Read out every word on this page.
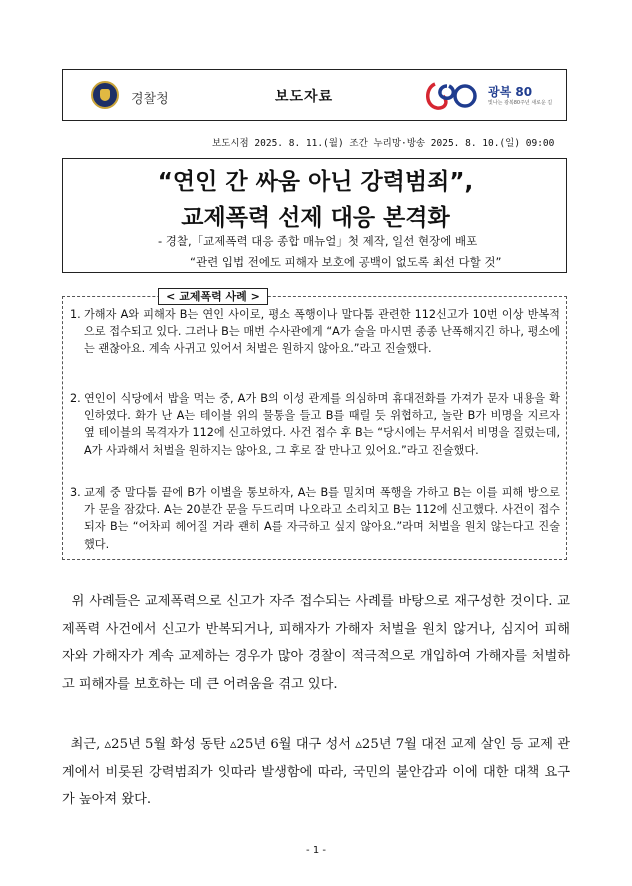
경찰청	보도자료	광복 80
빛나는 광복80주년 새로운 길
보도시점 2025. 8. 11.(월) 조간 누리망·방송 2025. 8. 10.(일) 09:00
“연인 간 싸움 아닌 강력범죄”,
교제폭력 선제 대응 본격화
- 경찰,「교제폭력 대응 종합 매뉴얼」첫 제작, 일선 현장에 배포
“관련 입법 전에도 피해자 보호에 공백이 없도록 최선 다할 것”
< 교제폭력 사례 >
1. 가해자 A와 피해자 B는 연인 사이로, 평소 폭행이나 말다툼 관련한 112신고가 10번 이상 반복적으로 접수되고 있다. 그러나 B는 매번 수사관에게 “A가 술을 마시면 종종 난폭해지긴 하나, 평소에는 괜찮아요. 계속 사귀고 있어서 처벌은 원하지 않아요.”라고 진술했다.
2. 연인이 식당에서 밥을 먹는 중, A가 B의 이성 관계를 의심하며 휴대전화를 가져가 문자 내용을 확인하였다. 화가 난 A는 테이블 위의 물통을 들고 B를 때릴 듯 위협하고, 놀란 B가 비명을 지르자 옆 테이블의 목격자가 112에 신고하였다. 사건 접수 후 B는 “당시에는 무서워서 비명을 질렀는데, A가 사과해서 처벌을 원하지는 않아요, 그 후로 잘 만나고 있어요.”라고 진술했다.
3. 교제 중 말다툼 끝에 B가 이별을 통보하자, A는 B를 밀치며 폭행을 가하고 B는 이를 피해 방으로 가 문을 잠갔다. A는 20분간 문을 두드리며 나오라고 소리치고 B는 112에 신고했다. 사건이 접수되자 B는 “어차피 헤어질 거라 괜히 A를 자극하고 싶지 않아요.”라며 처벌을 원치 않는다고 진술했다.
위 사례들은 교제폭력으로 신고가 자주 접수되는 사례를 바탕으로 재구성한 것이다. 교제폭력 사건에서 신고가 반복되거나, 피해자가 가해자 처벌을 원치 않거나, 심지어 피해자와 가해자가 계속 교제하는 경우가 많아 경찰이 적극적으로 개입하여 가해자를 처벌하고 피해자를 보호하는 데 큰 어려움을 겪고 있다.
최근, ▵25년 5월 화성 동탄 ▵25년 6월 대구 성서 ▵25년 7월 대전 교제 살인 등 교제 관계에서 비롯된 강력범죄가 잇따라 발생함에 따라, 국민의 불안감과 이에 대한 대책 요구가 높아져 왔다.
- 1 -
